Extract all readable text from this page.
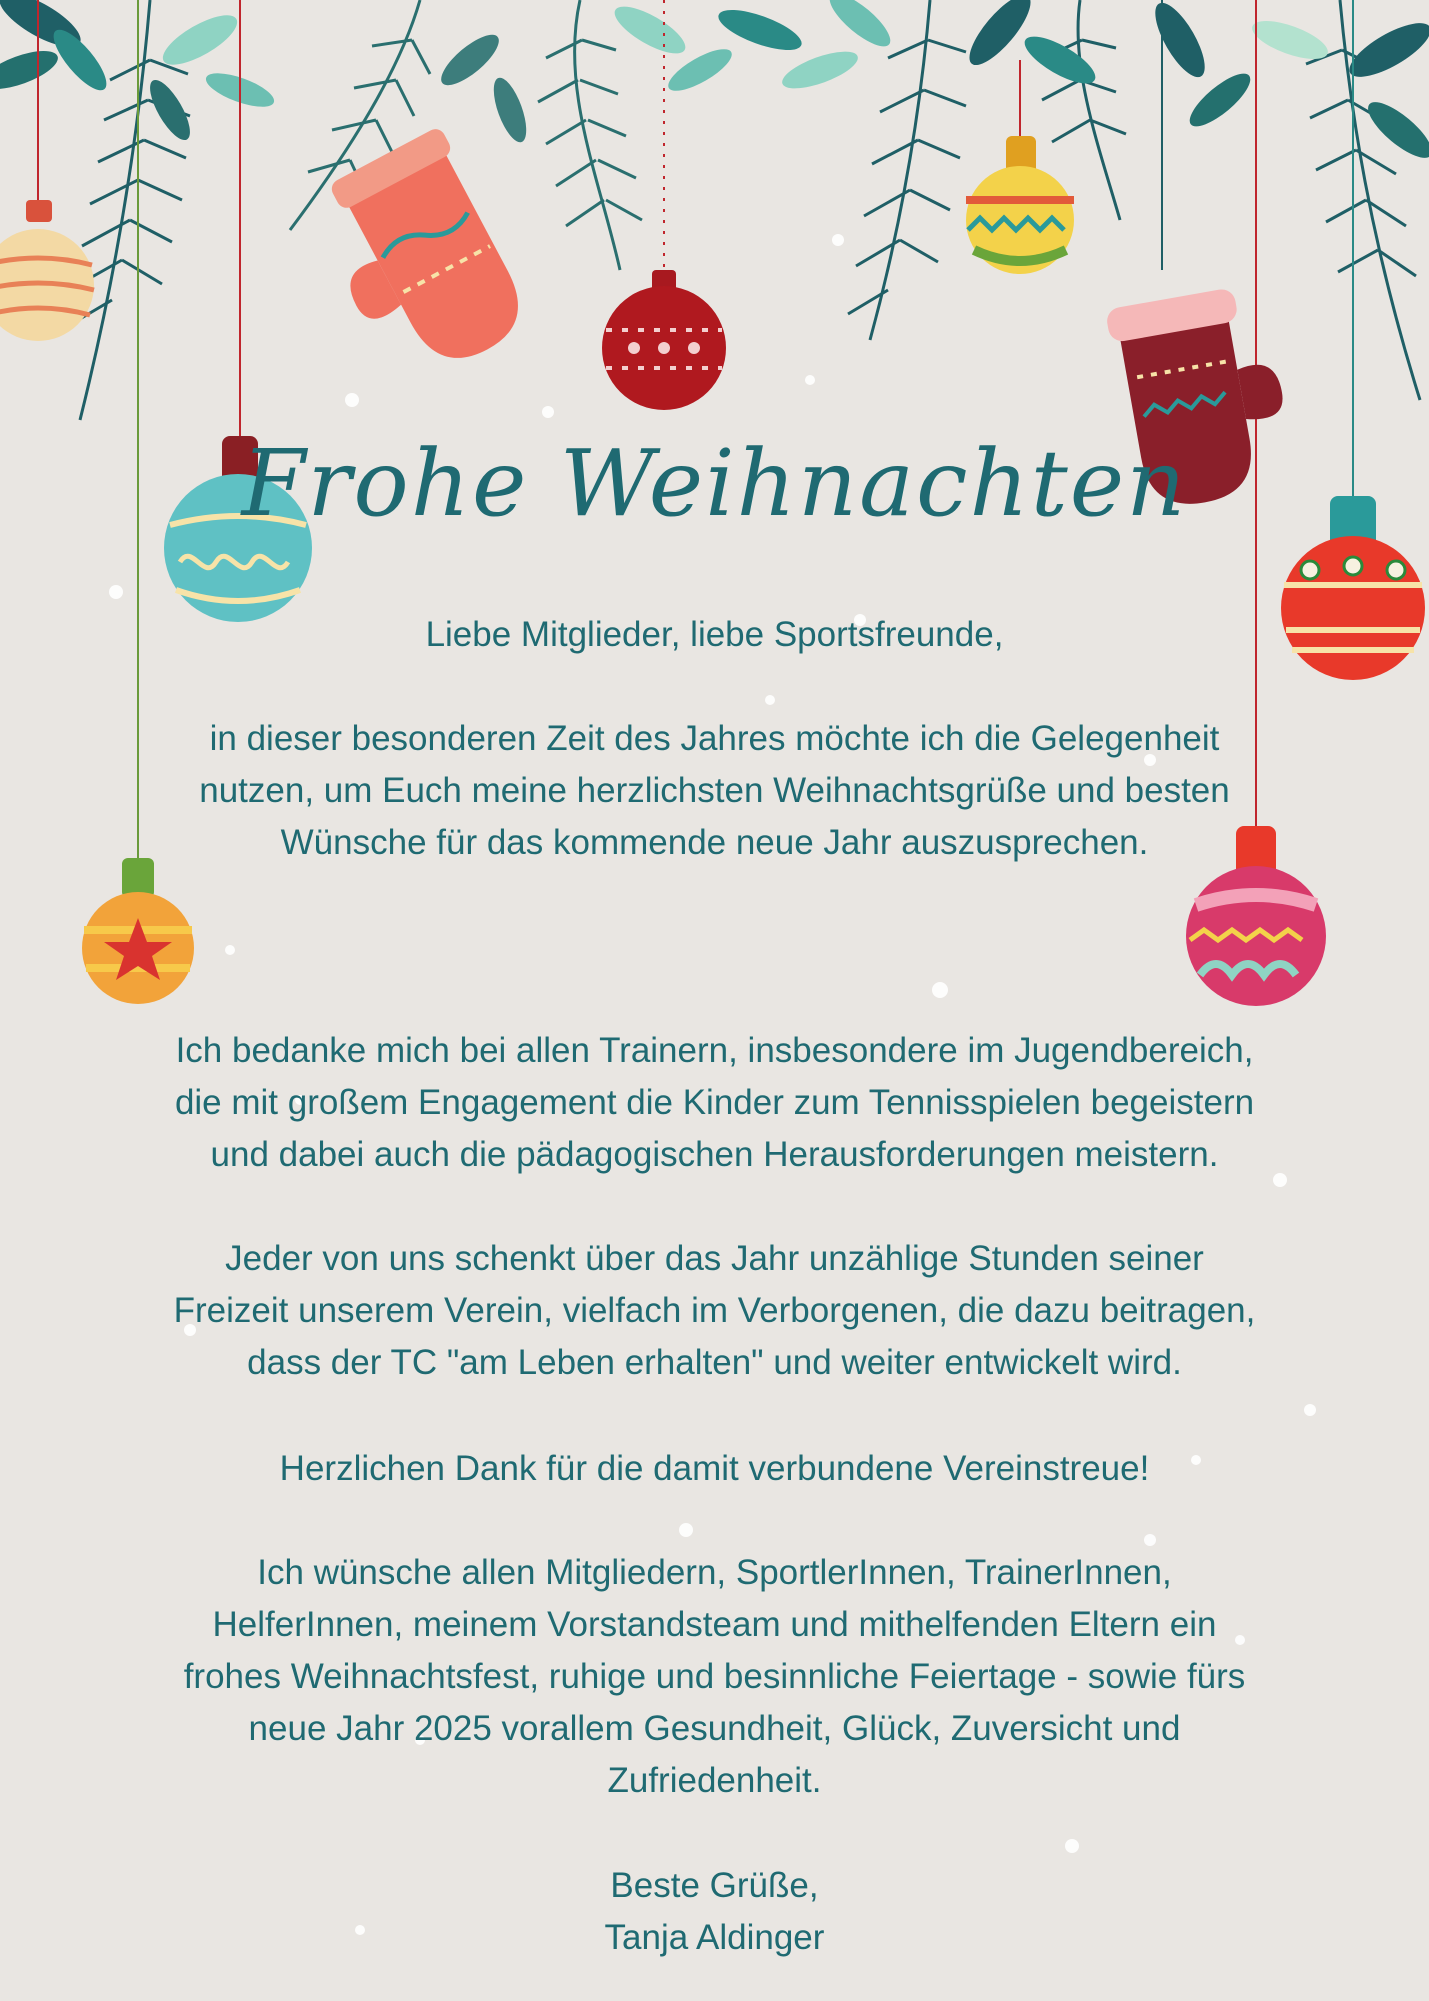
Frohe Weihnachten

Liebe Mitglieder, liebe Sportsfreunde,

in dieser besonderen Zeit des Jahres möchte ich die Gelegenheit

nutzen, um Euch meine herzlichsten Weihnachtsgrüße und besten

Wünsche für das kommende neue Jahr auszusprechen.

Ich bedanke mich bei allen Trainern, insbesondere im Jugendbereich,

die mit großem Engagement die Kinder zum Tennisspielen begeistern

und dabei auch die pädagogischen Herausforderungen meistern.

Jeder von uns schenkt über das Jahr unzählige Stunden seiner

Freizeit unserem Verein, vielfach im Verborgenen, die dazu beitragen,

dass der TC "am Leben erhalten" und weiter entwickelt wird.

Herzlichen Dank für die damit verbundene Vereinstreue!

Ich wünsche allen Mitgliedern, SportlerInnen, TrainerInnen,

HelferInnen, meinem Vorstandsteam und mithelfenden Eltern ein

frohes Weihnachtsfest, ruhige und besinnliche Feiertage - sowie fürs

neue Jahr 2025 vorallem Gesundheit, Glück, Zuversicht und

Zufriedenheit.

Beste Grüße,

Tanja Aldinger
